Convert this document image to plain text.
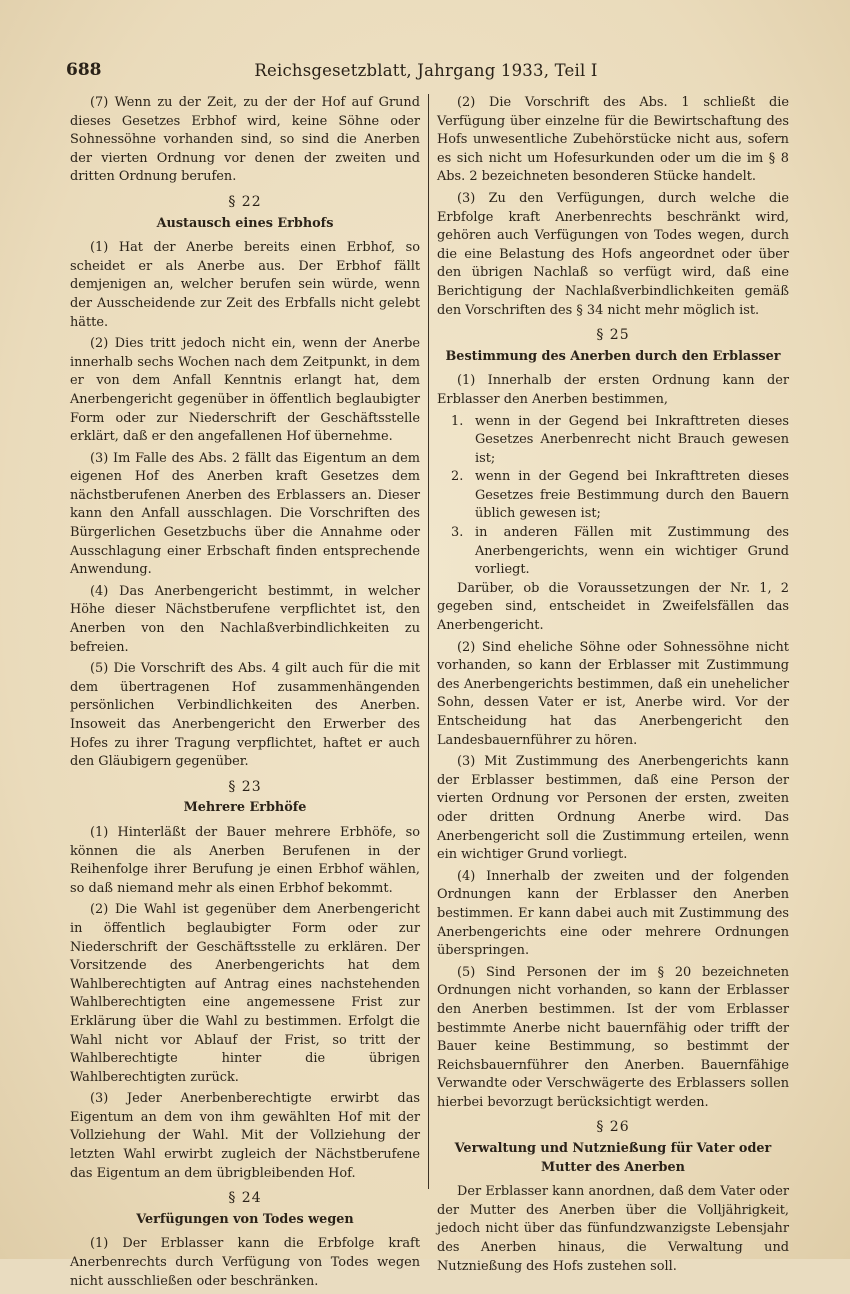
688	Reichsgesetzblatt, Jahrgang 1933, Teil I

(7) Wenn zu der Zeit, zu der der Hof auf Grund dieses Gesetzes Erbhof wird, keine Söhne oder Sohnessöhne vorhanden sind, so sind die Anerben der vierten Ordnung vor denen der zweiten und dritten Ordnung berufen.

§ 22
Austausch eines Erbhofs

(1) Hat der Anerbe bereits einen Erbhof, so scheidet er als Anerbe aus. Der Erbhof fällt demjenigen an, welcher berufen sein würde, wenn der Ausscheidende zur Zeit des Erbfalls nicht gelebt hätte.

(2) Dies tritt jedoch nicht ein, wenn der Anerbe innerhalb sechs Wochen nach dem Zeitpunkt, in dem er von dem Anfall Kenntnis erlangt hat, dem Anerbengericht gegenüber in öffentlich beglaubigter Form oder zur Niederschrift der Geschäftsstelle erklärt, daß er den angefallenen Hof übernehme.

(3) Im Falle des Abs. 2 fällt das Eigentum an dem eigenen Hof des Anerben kraft Gesetzes dem nächstberufenen Anerben des Erblassers an. Dieser kann den Anfall ausschlagen. Die Vorschriften des Bürgerlichen Gesetzbuchs über die Annahme oder Ausschlagung einer Erbschaft finden entsprechende Anwendung.

(4) Das Anerbengericht bestimmt, in welcher Höhe dieser Nächstberufene verpflichtet ist, den Anerben von den Nachlaßverbindlichkeiten zu befreien.

(5) Die Vorschrift des Abs. 4 gilt auch für die mit dem übertragenen Hof zusammenhängenden persönlichen Verbindlichkeiten des Anerben. Insoweit das Anerbengericht den Erwerber des Hofes zu ihrer Tragung verpflichtet, haftet er auch den Gläubigern gegenüber.

§ 23
Mehrere Erbhöfe

(1) Hinterläßt der Bauer mehrere Erbhöfe, so können die als Anerben Berufenen in der Reihenfolge ihrer Berufung je einen Erbhof wählen, so daß niemand mehr als einen Erbhof bekommt.

(2) Die Wahl ist gegenüber dem Anerbengericht in öffentlich beglaubigter Form oder zur Niederschrift der Geschäftsstelle zu erklären. Der Vorsitzende des Anerbengerichts hat dem Wahlberechtigten auf Antrag eines nachstehenden Wahlberechtigten eine angemessene Frist zur Erklärung über die Wahl zu bestimmen. Erfolgt die Wahl nicht vor Ablauf der Frist, so tritt der Wahlberechtigte hinter die übrigen Wahlberechtigten zurück.

(3) Jeder Anerbenberechtigte erwirbt das Eigentum an dem von ihm gewählten Hof mit der Vollziehung der Wahl. Mit der Vollziehung der letzten Wahl erwirbt zugleich der Nächstberufene das Eigentum an dem übrigbleibenden Hof.

§ 24
Verfügungen von Todes wegen

(1) Der Erblasser kann die Erbfolge kraft Anerbenrechts durch Verfügung von Todes wegen nicht ausschließen oder beschränken.

(2) Die Vorschrift des Abs. 1 schließt die Verfügung über einzelne für die Bewirtschaftung des Hofs unwesentliche Zubehörstücke nicht aus, sofern es sich nicht um Hofesurkunden oder um die im § 8 Abs. 2 bezeichneten besonderen Stücke handelt.

(3) Zu den Verfügungen, durch welche die Erbfolge kraft Anerbenrechts beschränkt wird, gehören auch Verfügungen von Todes wegen, durch die eine Belastung des Hofs angeordnet oder über den übrigen Nachlaß so verfügt wird, daß eine Berichtigung der Nachlaßverbindlichkeiten gemäß den Vorschriften des § 34 nicht mehr möglich ist.

§ 25
Bestimmung des Anerben durch den Erblasser

(1) Innerhalb der ersten Ordnung kann der Erblasser den Anerben bestimmen,

1. wenn in der Gegend bei Inkrafttreten dieses Gesetzes Anerbenrecht nicht Brauch gewesen ist;

2. wenn in der Gegend bei Inkrafttreten dieses Gesetzes freie Bestimmung durch den Bauern üblich gewesen ist;

3. in anderen Fällen mit Zustimmung des Anerbengerichts, wenn ein wichtiger Grund vorliegt.

Darüber, ob die Voraussetzungen der Nr. 1, 2 gegeben sind, entscheidet in Zweifelsfällen das Anerbengericht.

(2) Sind eheliche Söhne oder Sohnessöhne nicht vorhanden, so kann der Erblasser mit Zustimmung des Anerbengerichts bestimmen, daß ein unehelicher Sohn, dessen Vater er ist, Anerbe wird. Vor der Entscheidung hat das Anerbengericht den Landesbauernführer zu hören.

(3) Mit Zustimmung des Anerbengerichts kann der Erblasser bestimmen, daß eine Person der vierten Ordnung vor Personen der ersten, zweiten oder dritten Ordnung Anerbe wird. Das Anerbengericht soll die Zustimmung erteilen, wenn ein wichtiger Grund vorliegt.

(4) Innerhalb der zweiten und der folgenden Ordnungen kann der Erblasser den Anerben bestimmen. Er kann dabei auch mit Zustimmung des Anerbengerichts eine oder mehrere Ordnungen überspringen.

(5) Sind Personen der im § 20 bezeichneten Ordnungen nicht vorhanden, so kann der Erblasser den Anerben bestimmen. Ist der vom Erblasser bestimmte Anerbe nicht bauernfähig oder trifft der Bauer keine Bestimmung, so bestimmt der Reichsbauernführer den Anerben. Bauernfähige Verwandte oder Verschwägerte des Erblassers sollen hierbei bevorzugt berücksichtigt werden.

§ 26
Verwaltung und Nutznießung für Vater oder Mutter des Anerben

Der Erblasser kann anordnen, daß dem Vater oder der Mutter des Anerben über die Volljährigkeit, jedoch nicht über das fünfundzwanzigste Lebensjahr des Anerben hinaus, die Verwaltung und Nutznießung des Hofs zustehen soll.
